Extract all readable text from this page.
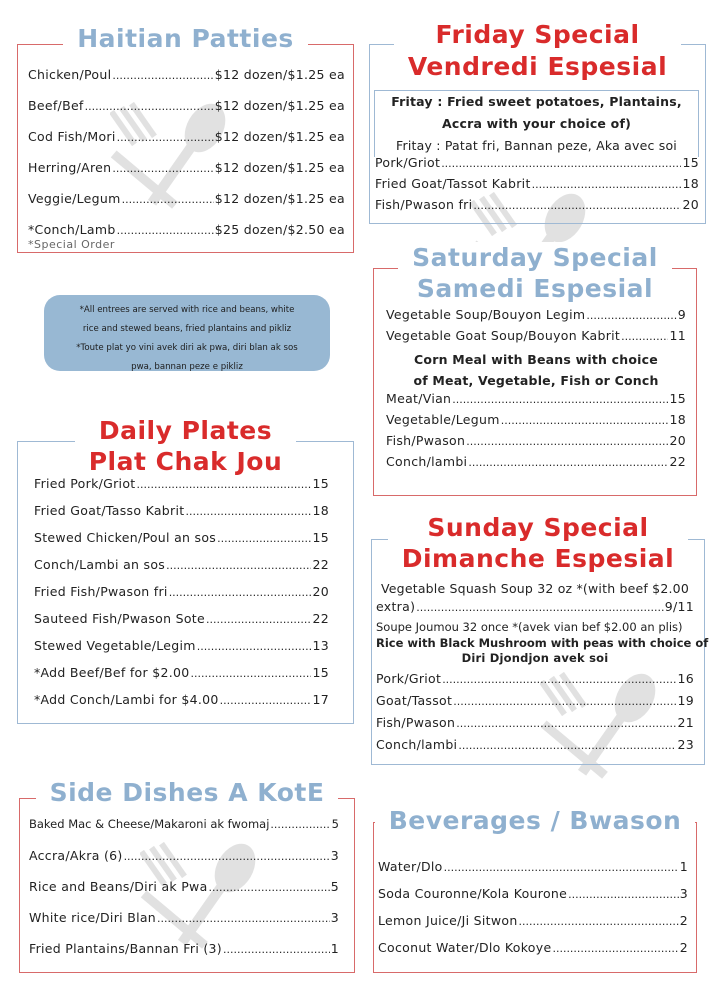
Haitian Patties
Chicken/Poul .....	$12 dozen/$1.25 ea
Beef/Bef .....	$12 dozen/$1.25 ea
Cod Fish/Mori .....	$12 dozen/$1.25 ea
Herring/Aren .....	$12 dozen/$1.25 ea
Veggie/Legum .....	$12 dozen/$1.25 ea
*Conch/Lamb .....	$25 dozen/$2.50 ea
*Special Order
*All entrees are served with rice and beans, white
rice and stewed beans, fried plantains and pikliz
*Toute plat yo vini avek diri ak pwa, diri blan ak sos
pwa, bannan peze e pikliz
Friday Special
Vendredi Espesial
Fritay : Fried sweet potatoes, Plantains,
Accra with your choice of)
Fritay : Patat fri, Bannan peze, Aka avec soi
Pork/Griot .....	15
Fried Goat/Tassot Kabrit .....	18
Fish/Pwason fri .....	20
Saturday Special
Samedi Espesial
Vegetable Soup/Bouyon Legim .....	9
Vegetable Goat Soup/Bouyon Kabrit .....	11
Corn Meal with Beans with choice
of Meat, Vegetable, Fish or Conch
Meat/Vian .....	15
Vegetable/Legum .....	18
Fish/Pwason .....	20
Conch/lambi .....	22
Daily Plates
Plat Chak Jou
Fried Pork/Griot .....	15
Fried Goat/Tasso Kabrit .....	18
Stewed Chicken/Poul an sos .....	15
Conch/Lambi an sos .....	22
Fried Fish/Pwason fri .....	20
Sauteed Fish/Pwason Sote .....	22
Stewed Vegetable/Legim .....	13
*Add Beef/Bef for $2.00 .....	15
*Add Conch/Lambi for $4.00 .....	17
Sunday Special
Dimanche Espesial
Vegetable Squash Soup 32 oz *(with beef $2.00
extra) .....	9/11
Soupe Joumou 32 once *(avek vian bef $2.00 an plis)
Rice with Black Mushroom with peas with choice of
Diri Djondjon avek soi
Pork/Griot .....	16
Goat/Tassot .....	19
Fish/Pwason .....	21
Conch/lambi .....	23
Side Dishes A KotE
Baked Mac & Cheese/Makaroni ak fwomaj .....	5
Accra/Akra (6) .....	3
Rice and Beans/Diri ak Pwa .....	5
White rice/Diri Blan .....	3
Fried Plantains/Bannan Fri (3) .....	1
Beverages / Bwason
Water/Dlo .....	1
Soda Couronne/Kola Kourone .....	3
Lemon Juice/Ji Sitwon .....	2
Coconut Water/Dlo Kokoye .....	2
